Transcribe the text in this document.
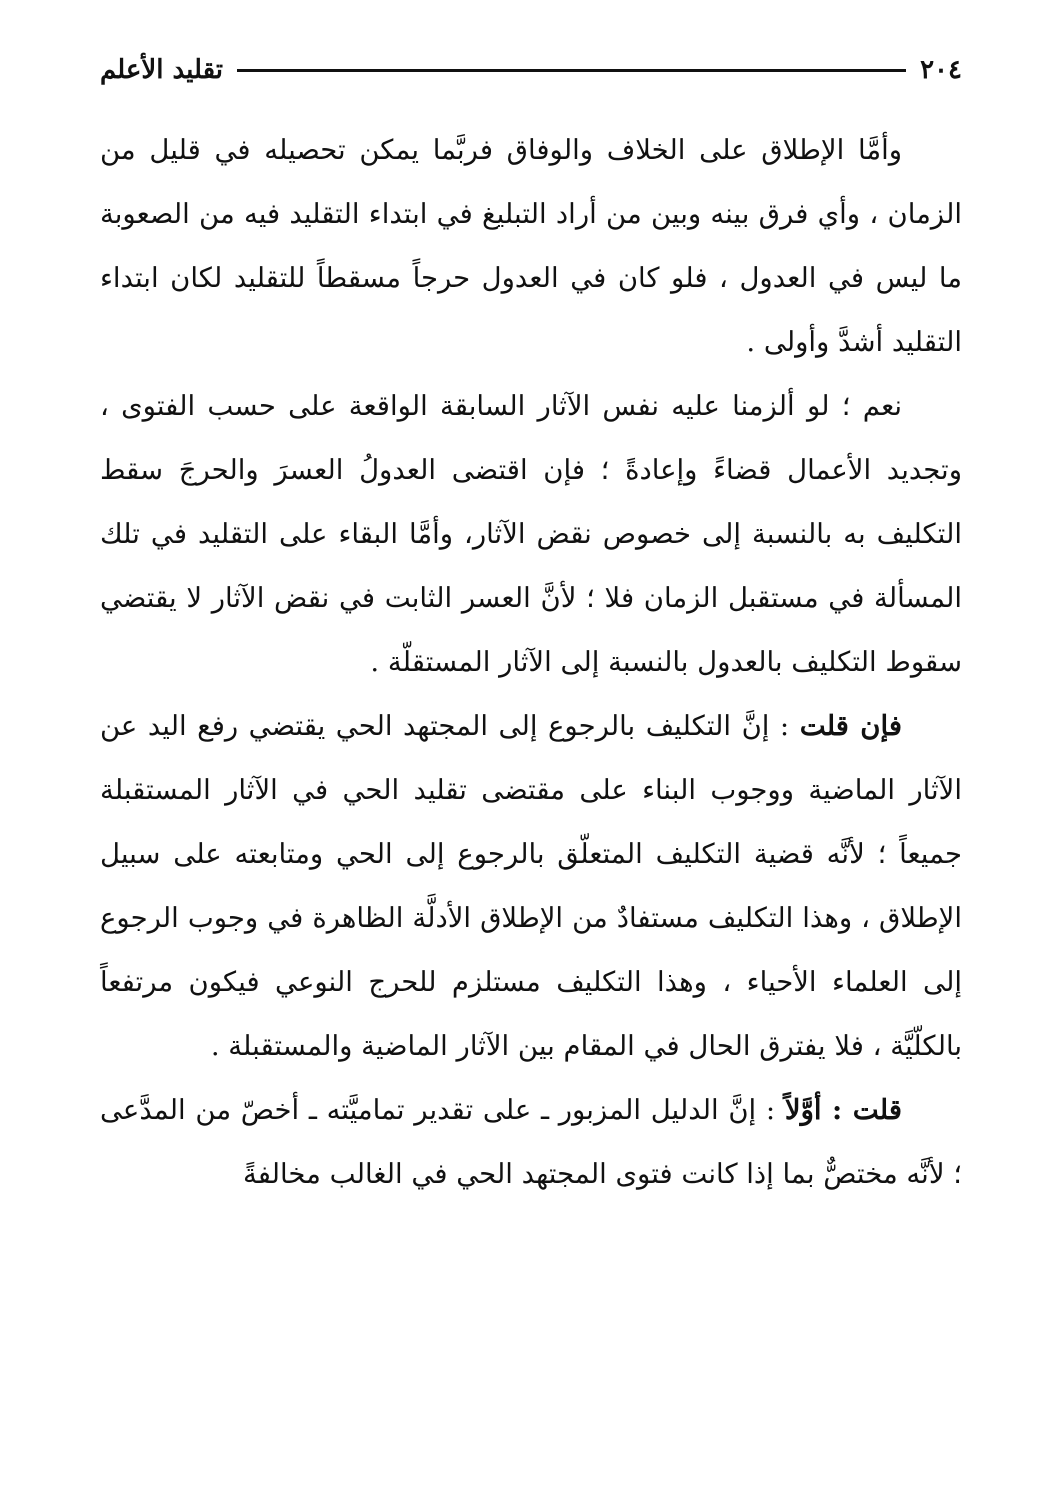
٢٠٤
تقليد الأعلم

وأمَّا الإطلاق على الخلاف والوفاق فربَّما يمكن تحصيله في قليل من الزمان ، وأي فرق بينه وبين من أراد التبليغ في ابتداء التقليد فيه من الصعوبة ما ليس في العدول ، فلو كان في العدول حرجاً مسقطاً للتقليد لكان ابتداء التقليد أشدَّ وأولى .

نعم ؛ لو ألزمنا عليه نفس الآثار السابقة الواقعة على حسب الفتوى ، وتجديد الأعمال قضاءً وإعادةً ؛ فإن اقتضى العدولُ العسرَ والحرجَ سقط التكليف به بالنسبة إلى خصوص نقض الآثار، وأمَّا البقاء على التقليد في تلك المسألة في مستقبل الزمان فلا ؛ لأنَّ العسر الثابت في نقض الآثار لا يقتضي سقوط التكليف بالعدول بالنسبة إلى الآثار المستقلّة .

فإن قلت : إنَّ التكليف بالرجوع إلى المجتهد الحي يقتضي رفع اليد عن الآثار الماضية ووجوب البناء على مقتضى تقليد الحي في الآثار المستقبلة جميعاً ؛ لأنَّه قضية التكليف المتعلّق بالرجوع إلى الحي ومتابعته على سبيل الإطلاق ، وهذا التكليف مستفادٌ من الإطلاق الأدلَّة الظاهرة في وجوب الرجوع إلى العلماء الأحياء ، وهذا التكليف مستلزم للحرج النوعي فيكون مرتفعاً بالكلّيَّة ، فلا يفترق الحال في المقام بين الآثار الماضية والمستقبلة .

قلت : أوَّلاً : إنَّ الدليل المزبور ـ على تقدير تماميَّته ـ أخصّ من المدَّعى ؛ لأنَّه مختصٌّ بما إذا كانت فتوى المجتهد الحي في الغالب مخالفةً
